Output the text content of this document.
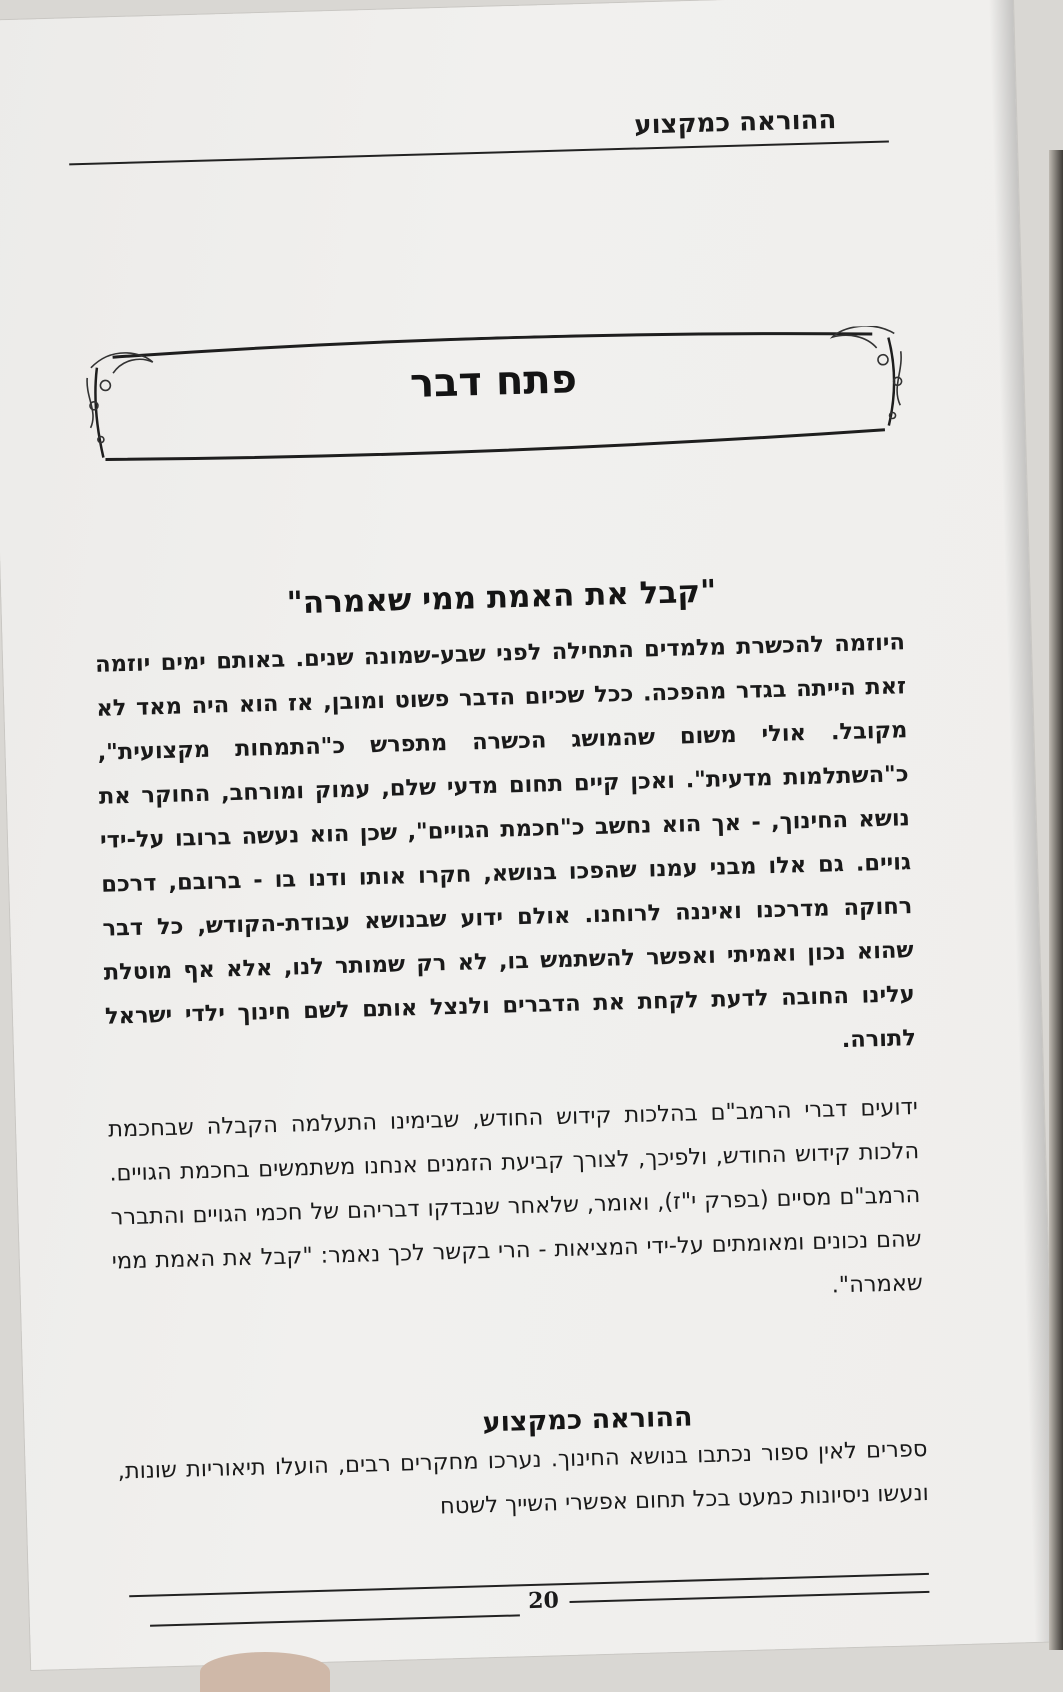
ההוראה כמקצוע
פתח דבר
"קבל את האמת ממי שאמרה"

היוזמה להכשרת מלמדים התחילה לפני שבע-שמונה שנים. באותם ימים יוזמה זאת הייתה בגדר מהפכה. ככל שכיום הדבר פשוט ומובן, אז הוא היה מאד לא מקובל. אולי משום שהמושג הכשרה מתפרש כ"התמחות מקצועית", כ"השתלמות מדעית". ואכן קיים תחום מדעי שלם, עמוק ומורחב, החוקר את נושא החינוך, - אך הוא נחשב כ"חכמת הגויים", שכן הוא נעשה ברובו על-ידי גויים. גם אלו מבני עמנו שהפכו בנושא, חקרו אותו ודנו בו - ברובם, דרכם רחוקה מדרכנו ואיננה לרוחנו. אולם ידוע שבנושא עבודת-הקודש, כל דבר שהוא נכון ואמיתי ואפשר להשתמש בו, לא רק שמותר לנו, אלא אף מוטלת עלינו החובה לדעת לקחת את הדברים ולנצל אותם לשם חינוך ילדי ישראל לתורה.

ידועים דברי הרמב"ם בהלכות קידוש החודש, שבימינו התעלמה הקבלה שבחכמת הלכות קידוש החודש, ולפיכך, לצורך קביעת הזמנים אנחנו משתמשים בחכמת הגויים. הרמב"ם מסיים (בפרק י"ז), ואומר, שלאחר שנבדקו דבריהם של חכמי הגויים והתברר שהם נכונים ומאומתים על-ידי המציאות - הרי בקשר לכך נאמר: "קבל את האמת ממי שאמרה".

ההוראה כמקצוע

ספרים לאין ספור נכתבו בנושא החינוך. נערכו מחקרים רבים, הועלו תיאוריות שונות, ונעשו ניסיונות כמעט בכל תחום אפשרי השייך לשטח

20
